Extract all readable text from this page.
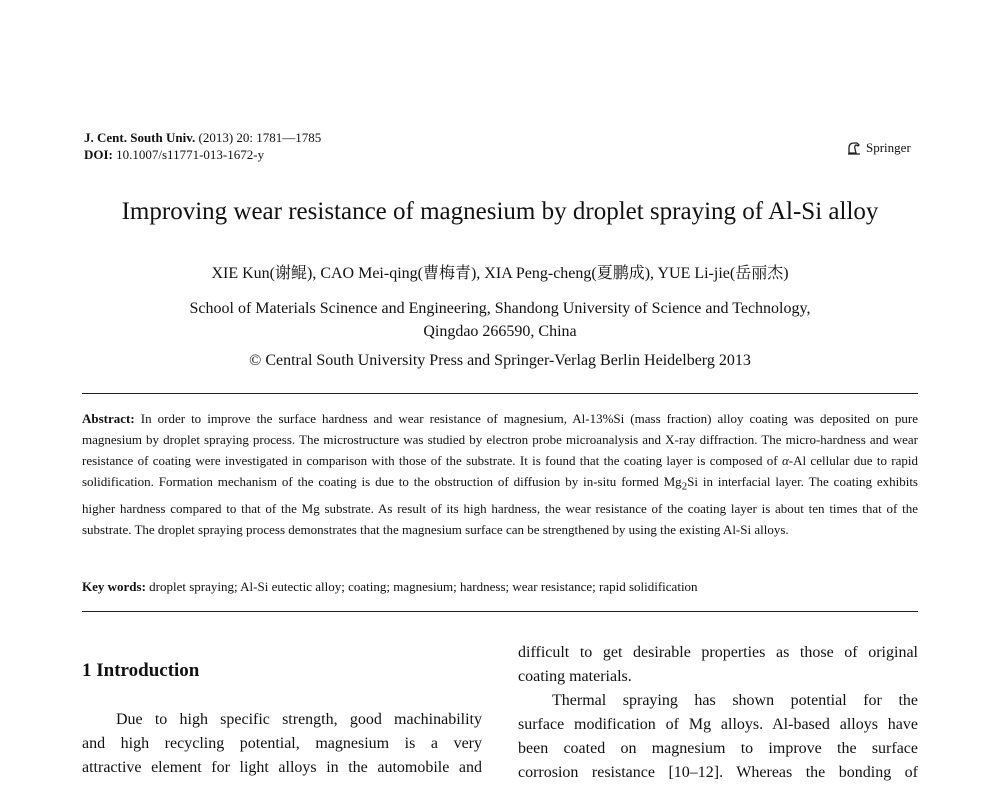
J. Cent. South Univ. (2013) 20: 1781—1785
DOI: 10.1007/s11771-013-1672-y	Springer
Improving wear resistance of magnesium by droplet spraying of Al-Si alloy
XIE Kun(谢鲲), CAO Mei-qing(曹梅青), XIA Peng-cheng(夏鹏成), YUE Li-jie(岳丽杰)
School of Materials Scinence and Engineering, Shandong University of Science and Technology,
Qingdao 266590, China
© Central South University Press and Springer-Verlag Berlin Heidelberg 2013
Abstract: In order to improve the surface hardness and wear resistance of magnesium, Al-13%Si (mass fraction) alloy coating was deposited on pure magnesium by droplet spraying process. The microstructure was studied by electron probe microanalysis and X-ray diffraction. The micro-hardness and wear resistance of coating were investigated in comparison with those of the substrate. It is found that the coating layer is composed of α-Al cellular due to rapid solidification. Formation mechanism of the coating is due to the obstruction of diffusion by in-situ formed $Mg_2Si$ in interfacial layer. The coating exhibits higher hardness compared to that of the Mg substrate. As result of its high hardness, the wear resistance of the coating layer is about ten times that of the substrate. The droplet spraying process demonstrates that the magnesium surface can be strengthened by using the existing Al-Si alloys.
Key words: droplet spraying; Al-Si eutectic alloy; coating; magnesium; hardness; wear resistance; rapid solidification
1 Introduction
Due to high specific strength, good machinability
and high recycling potential, magnesium is a very
attractive element for light alloys in the automobile and
difficult to get desirable properties as those of original
coating materials.
Thermal spraying has shown potential for the
surface modification of Mg alloys. Al-based alloys have
been coated on magnesium to improve the surface
corrosion resistance [10‒12]. Whereas the bonding of
